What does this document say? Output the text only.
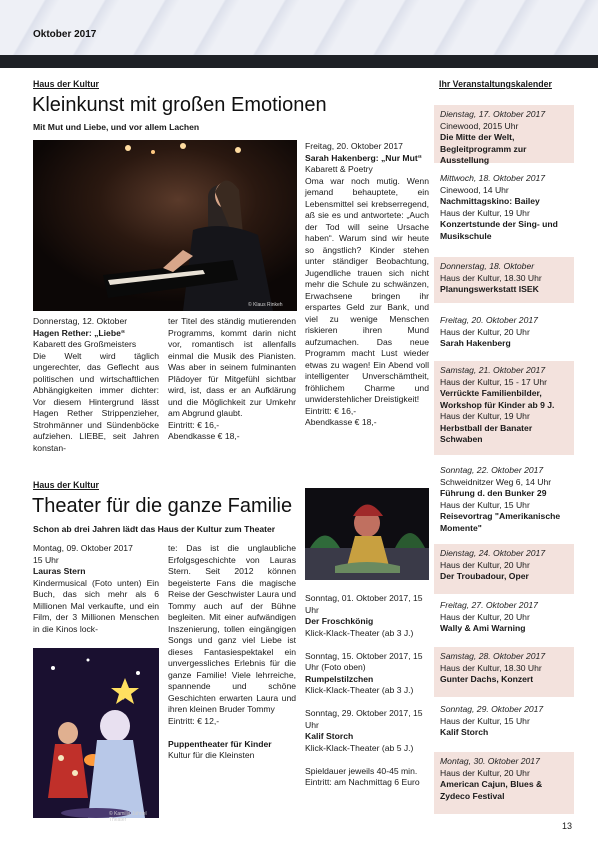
Oktober 2017
Haus der Kultur
Kleinkunst mit großen Emotionen
Mit Mut und Liebe, und vor allem Lachen
© Klaus Rinkeh

Donnerstag, 12. Oktober

Hagen Rether: „Liebe“

Kabarett des Großmeisters

Die Welt wird täglich ungerechter, das Geflecht aus politischen und wirtschaftlichen Abhängigkeiten immer dichter: Vor diesem Hintergrund lässt Hagen Rether Strippenzieher, Strohmänner und Sündenböcke aufziehen. LIEBE, seit Jahren konstan-

ter Titel des ständig mutierenden Programms, kommt darin nicht vor, romantisch ist allenfalls einmal die Musik des Pianisten. Was aber in seinem fulminanten Plädoyer für Mitgefühl sichtbar wird, ist, dass er an Aufklärung und die Möglichkeit zur Umkehr am Abgrund glaubt.

Eintritt: € 16,-

Abendkasse € 18,-

Freitag, 20. Oktober 2017

Sarah Hakenberg: „Nur Mut“

Kabarett & Poetry

Oma war noch mutig. Wenn jemand behauptete, ein Lebensmittel sei krebserregend, aß sie es und antwortete: „Auch der Tod will seine Ursache haben“. Warum sind wir heute so ängstlich? Kinder stehen unter ständiger Beobachtung, Jugendliche trauen sich nicht mehr die Schule zu schwänzen, Erwachsene bringen ihr erspartes Geld zur Bank, und viel zu wenige Menschen riskieren ihren Mund aufzumachen. Das neue Programm macht Lust wieder etwas zu wagen! Ein Abend voll intelligenter Unverschämtheit, fröhlichem Charme und unwiderstehlicher Dreistigkeit!

Eintritt: € 16,-

Abendkasse € 18,-

Haus der Kultur
Theater für die ganze Familie
Schon ab drei Jahren lädt das Haus der Kultur zum Theater

Montag, 09. Oktober 2017

15 Uhr

Lauras Stern

Kindermusical (Foto unten) Ein Buch, das sich mehr als 6 Millionen Mal verkaufte, und ein Film, der 3 Millionen Menschen in die Kinos lock-

© Kamilla Jahnel Theater

te: Das ist die unglaubliche Erfolgsgeschichte von Lauras Stern. Seit 2012 können begeisterte Fans die magische Reise der Geschwister Laura und Tommy auch auf der Bühne begleiten. Mit einer aufwändigen Inszenierung, tollen eingängigen Songs und ganz viel Liebe ist dieses Fantasiespektakel ein unvergessliches Erlebnis für die ganze Familie! Viele lehrreiche, spannende und schöne Geschichten erwarten Laura und ihren kleinen Bruder Tommy

Eintritt: € 12,-

Puppentheater für Kinder

Kultur für die Kleinsten

Sonntag, 01. Oktober 2017, 15 Uhr

Der Froschkönig

Klick-Klack-Theater (ab 3 J.)

Sonntag, 15. Oktober 2017, 15 Uhr (Foto oben)

Rumpelstilzchen

Klick-Klack-Theater (ab 3 J.)

Sonntag, 29. Oktober 2017, 15 Uhr

Kalif Storch

Klick-Klack-Theater (ab 5 J.)

Spieldauer jeweils 40-45 min.

Eintritt: am Nachmittag 6 Euro

Ihr Veranstaltungskalender
Dienstag, 17. Oktober 2017
Cinewood, 2015 Uhr
Die Mitte der Welt, Begleitprogramm zur Ausstellung
Mittwoch, 18. Oktober 2017
Cinewood, 14 Uhr
Nachmittagskino: Bailey
Haus der Kultur, 19 Uhr
Konzertstunde der Sing- und Musikschule
Donnerstag, 18. Oktober
Haus der Kultur, 18.30 Uhr
Planungswerkstatt ISEK
Freitag, 20. Oktober 2017
Haus der Kultur, 20 Uhr
Sarah Hakenberg
Samstag, 21. Oktober 2017
Haus der Kultur, 15 - 17 Uhr
Verrückte Familienbilder, Workshop für Kinder ab 9 J.
Haus der Kultur, 19 Uhr
Herbstball der Banater Schwaben
Sonntag, 22. Oktober 2017
Schweidnitzer Weg 6, 14 Uhr
Führung d. den Bunker 29
Haus der Kultur, 15 Uhr
Reisevortrag "Amerikanische Momente"
Dienstag, 24. Oktober 2017
Haus der Kultur, 20 Uhr
Der Troubadour, Oper
Freitag, 27. Oktober 2017
Haus der Kultur, 20 Uhr
Wally & Ami Warning
Samstag, 28. Oktober 2017
Haus der Kultur, 18.30 Uhr
Gunter Dachs, Konzert
Sonntag, 29. Oktober 2017
Haus der Kultur, 15 Uhr
Kalif Storch
Montag, 30. Oktober 2017
Haus der Kultur, 20 Uhr
American Cajun, Blues & Zydeco Festival
13
